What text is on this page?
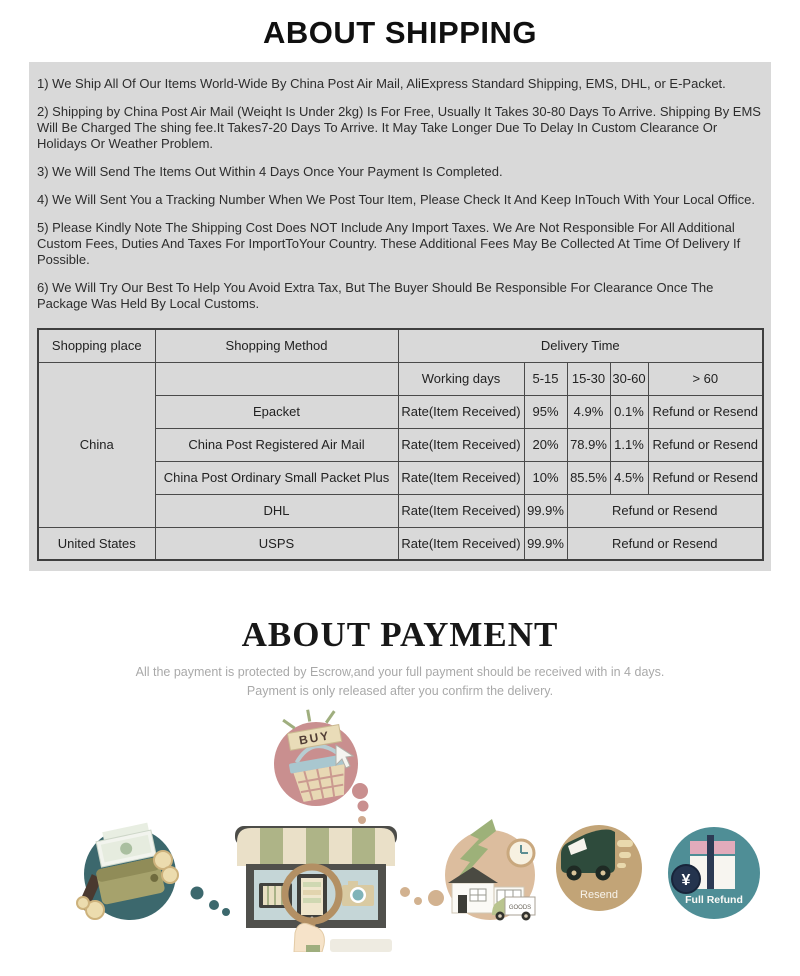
ABOUT SHIPPING

1) We Ship All Of Our Items World-Wide By China Post Air Mail, AliExpress Standard Shipping, EMS, DHL, or E-Packet.

2) Shipping by China Post Air Mail (Weiqht Is Under 2kg) Is For Free, Usually It Takes 30-80 Days To Arrive. Shipping By EMS Will Be Charged The shing fee.It Takes7-20 Days To Arrive. It May Take Longer Due To Delay In Custom Clearance Or Holidays Or Weather Problem.

3) We Will Send The Items Out Within 4 Days Once Your Payment Is Completed.

4) We Will Sent You a Tracking Number When We Post Tour Item, Please Check It And Keep InTouch With Your Local Office.

5) Please Kindly Note The Shipping Cost Does NOT Include Any Import Taxes. We Are Not Responsible For All Additional Custom Fees, Duties And Taxes For ImportToYour Country. These Additional Fees May Be Collected At Time Of Delivery If Possible.

6) We Will Try Our Best To Help You Avoid Extra Tax, But The Buyer Should Be Responsible For Clearance Once The Package Was Held By Local Customs.

Shopping place	Shopping Method	Delivery Time				
China		Working days	5-15	15-30	30-60	> 60
	Epacket	Rate(Item Received)	95%	4.9%	0.1%	Refund or Resend
	China Post Registered Air Mail	Rate(Item Received)	20%	78.9%	1.1%	Refund or Resend
	China Post Ordinary Small Packet Plus	Rate(Item Received)	10%	85.5%	4.5%	Refund or Resend
	DHL	Rate(Item Received)	99.9%	Refund or Resend		
United States	USPS	Rate(Item Received)	99.9%	Refund or Resend		
ABOUT PAYMENT
All the payment is protected by Escrow,and your full payment should be received with in 4 days.
Payment is only released after you confirm the delivery.
BUY
GOODS
Resend
¥
Full Refund
